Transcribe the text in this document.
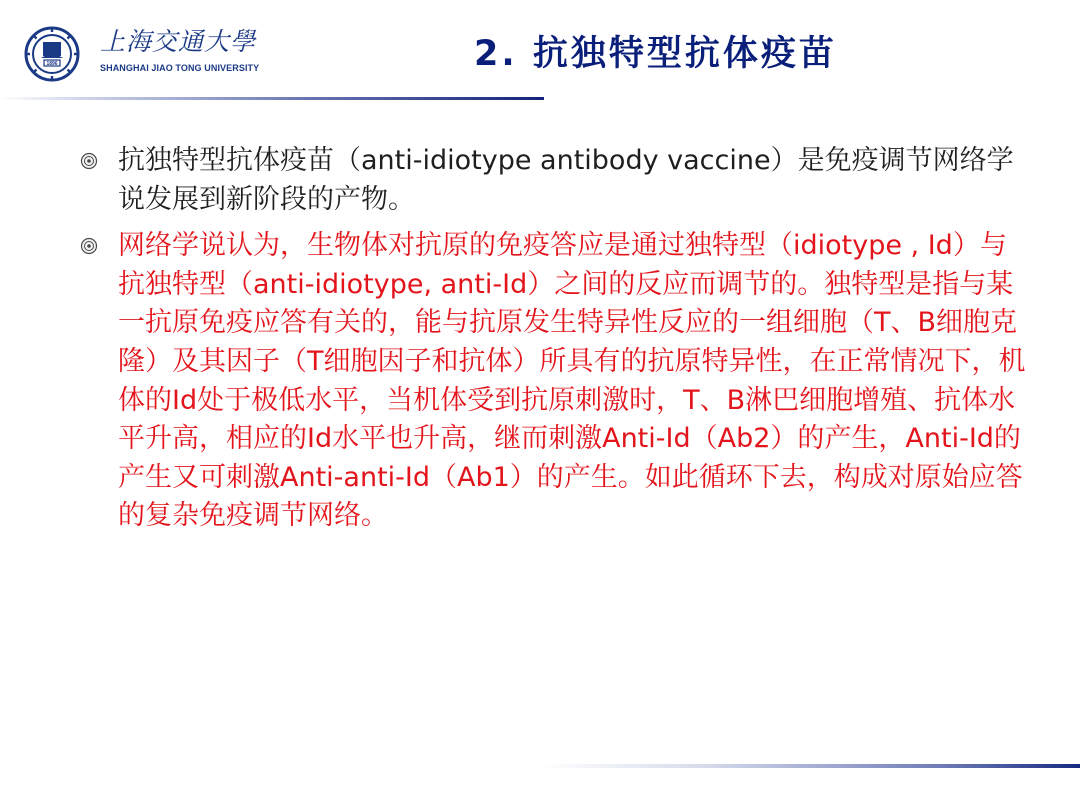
1896
上海交通大學
SHANGHAI JIAO TONG UNIVERSITY	2. 抗独特型抗体疫苗
抗独特型抗体疫苗（anti-idiotype antibody vaccine）是免疫调节网络学说发展到新阶段的产物。
网络学说认为，生物体对抗原的免疫答应是通过独特型（idiotype , Id）与抗独特型（anti-idiotype, anti-Id）之间的反应而调节的。独特型是指与某一抗原免疫应答有关的，能与抗原发生特异性反应的一组细胞（T、B细胞克隆）及其因子（T细胞因子和抗体）所具有的抗原特异性，在正常情况下，机体的Id处于极低水平，当机体受到抗原刺激时，T、B淋巴细胞增殖、抗体水平升高，相应的Id水平也升高，继而刺激Anti-Id（Ab2）的产生，Anti-Id的产生又可刺激Anti-anti-Id（Ab1）的产生。如此循环下去，构成对原始应答的复杂免疫调节网络。
